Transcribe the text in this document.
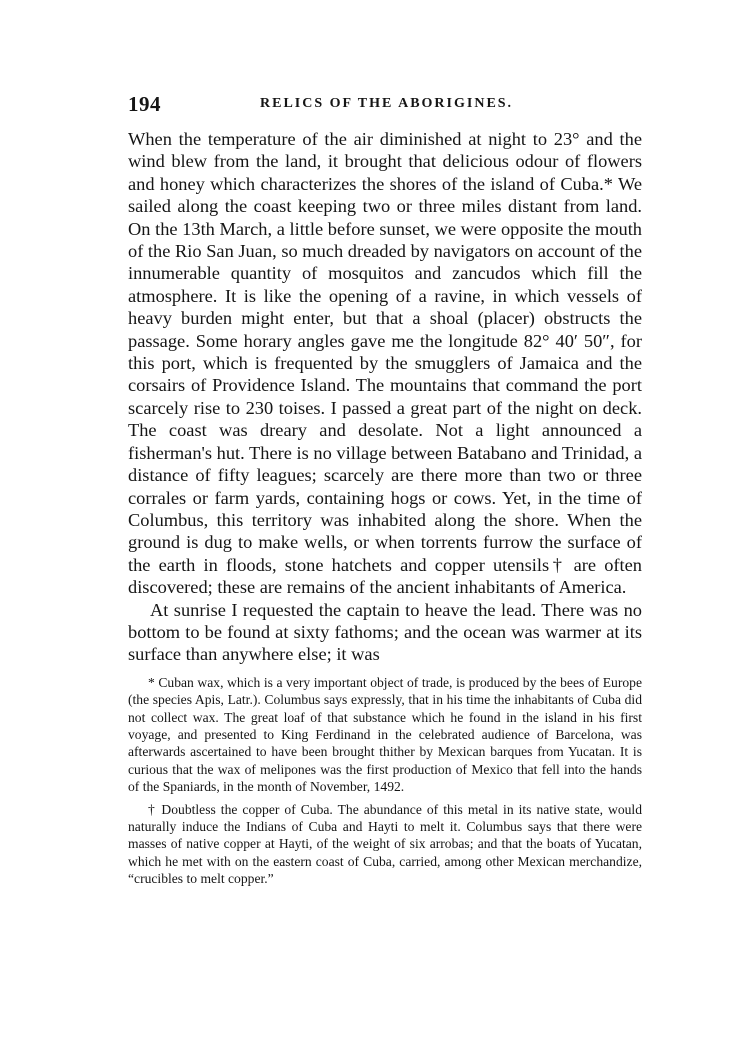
194	RELICS OF THE ABORIGINES.

When the temperature of the air diminished at night to 23° and the wind blew from the land, it brought that delicious odour of flowers and honey which characterizes the shores of the island of Cuba.* We sailed along the coast keeping two or three miles distant from land. On the 13th March, a little before sunset, we were opposite the mouth of the Rio San Juan, so much dreaded by navigators on account of the innumerable quantity of mosquitos and zancudos which fill the atmosphere. It is like the opening of a ravine, in which vessels of heavy burden might enter, but that a shoal (placer) obstructs the passage. Some horary angles gave me the longitude 82° 40′ 50″, for this port, which is frequented by the smugglers of Jamaica and the corsairs of Providence Island. The mountains that command the port scarcely rise to 230 toises. I passed a great part of the night on deck. The coast was dreary and desolate. Not a light announced a fisherman's hut. There is no village between Batabano and Trinidad, a distance of fifty leagues; scarcely are there more than two or three corrales or farm yards, containing hogs or cows. Yet, in the time of Columbus, this territory was inhabited along the shore. When the ground is dug to make wells, or when torrents furrow the surface of the earth in floods, stone hatchets and copper utensils† are often discovered; these are remains of the ancient inhabitants of America.

At sunrise I requested the captain to heave the lead. There was no bottom to be found at sixty fathoms; and the ocean was warmer at its surface than anywhere else; it was

* Cuban wax, which is a very important object of trade, is produced by the bees of Europe (the species Apis, Latr.). Columbus says expressly, that in his time the inhabitants of Cuba did not collect wax. The great loaf of that substance which he found in the island in his first voyage, and presented to King Ferdinand in the celebrated audience of Barcelona, was afterwards ascertained to have been brought thither by Mexican barques from Yucatan. It is curious that the wax of melipones was the first production of Mexico that fell into the hands of the Spaniards, in the month of November, 1492.

† Doubtless the copper of Cuba. The abundance of this metal in its native state, would naturally induce the Indians of Cuba and Hayti to melt it. Columbus says that there were masses of native copper at Hayti, of the weight of six arrobas; and that the boats of Yucatan, which he met with on the eastern coast of Cuba, carried, among other Mexican merchandize, “crucibles to melt copper.”
